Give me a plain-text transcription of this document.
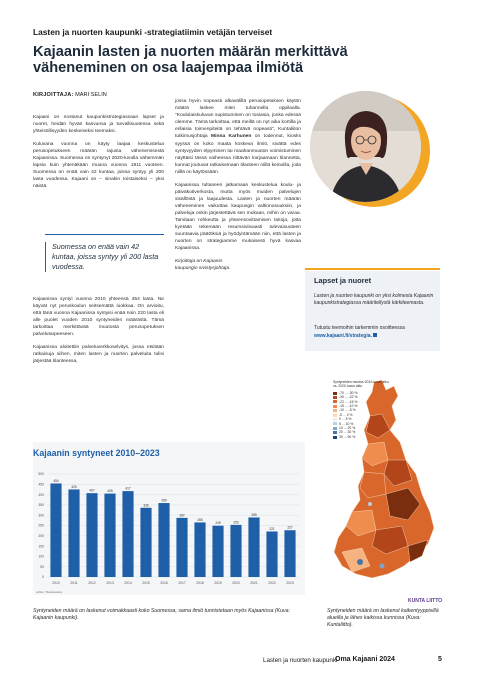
Lasten ja nuorten kaupunki -strategiatiimin vetäjän terveiset
Kajaanin lasten ja nuorten määrän merkittävä väheneminen on osa laajempaa ilmiötä
KIRJOITTAJA: MARI SELIN

Kajaani on nostanut kaupunkistrategiassaan lapset ja nuoret, heidän hyvän kasvunsa ja turvallisuutensa sekä yhteisöllisyyden keskeiseksi teemaksi.

Kuluvana vuonna on käyty laajaa keskustelua perusopetukseen määrän rajusta vähenemisestä Kajaanissa. Suomessa on syntynyt 2020-luvulla vähemmän lapsia kuin yhtenäkään muuna vuonna 1911 vuoteen. Suomessa on enää vain 42 kuntaa, joissa syntyy yli 200 lasta vuodessa. Kajaani on – sinakin toistaiseksi – yksi näistä.

Suomessa on enää vain 42 kuntaa, joissa syntyy yli 200 lasta vuodessa.

Kajaanissa syntyi vuonna 2010 yhteensä 454 lasta. Ne käyvät nyt peruskoulun seitsemättä luokkaa. On arvioitu, että tänä vuonna Kajaanissa syntyisi enää noin 220 lasta eli alle puolet vuoden 2010 syntyneiden määrästä. Tämä tarkoittaa merkittävää muutosta perusopetuksen palvelutarpeeseen.

Kajaanissa aloitettiin palveluverkkoselvitys, jossa etsitään ratkaisuja siihen, miten lasten ja nuorten palveluita tulisi järjestää tilanteessa,

jossa hyvin nopeasti alkavälillä perusopetuksen käytön määrä laskee mitei tuhannella oppilaalla. "Koululaiskuluvan supistuminen on tosiasia, jonka edessä olemme. Tämä tarkoittaa, että meillä on nyt aika kortilla ja erilaisia toimenpiteitä on tehtävä nopeasti", Kuntaliiton tutkimusjohtaja Minna Karhunen on todennut, kiosks syyssä on koko maata koskeva ilmiö, sivättä edes syntyvyyden elpyminen tai maahanmuuton voimistuminen näyttäisi tässä vaiheessa riittävän korjaamaan tilannetta, kunnat joutuvat ratkaisemaan tilanteen niillä keinoilla, joita niillä on käytössään.

Kajaanissa tultaneen jatkamaan keskustelua koulu- ja päiväkotiverkosta, mutta myös muiden palvelujen sisällöstä ja laajuudesta. Lasten ja nuorten määrän väheneminen vaikuttaa kaupungin valtionosuuksiin, ja palveluja onkin järjestettävä sen mukaan, mihin on varaa. Tarvitaan rohkeutta ja yhteensovittamisen taitoja, jotta kyetään tekemään resurssiviisaasti tulevaisuuteen suuntaavia päätöksiä ja hyödyntämään niin, että lasten ja nuorten on strategiamme mukaisesti hyvä kasvaa Kajaanissa.

Kirjoittaja on Kajaanin
kaupungin sivistysjohtaja.

Lapset ja nuoret
Lasten ja nuorten kaupunki on yksi kolmesta Kajaanin kaupunkistrategiassa määritellystä kärkiteemasta.
Tutustu teemoihin tarkemmin osoitteessa
www.kajaani.fi/strategia.
Kajaanin syntyneet 2010–2023
0
50
100
150
200
250
300
350
400
450
500
454
2010
425
2011
407
2012
405
2013
417
2014
336
2015
359
2016
287
2017
265
2018
249
2019
253
2020
289
2021
221
2022
227
2023
Lähde: Tilastokeskus
Syntyneiden muutos 2010-luvun alku vs. 2020-luvun alku
-70 ... -30 %
-30 ... -22 %
-22 ... -15 %
-15 ... -10 %
-10 ... -5 %
-5 ... 0 %
0 ... 5 %
5 ... 10 %
10 ... 20 %
20 ... 30 %
30 ... 90 %
KUNTA LIITTO
Syntyneiden määrä on laskenut voimakkaasti koko Suomessa, sama ilmiö tunnistetaan myös Kajaanissa (Kuva: Kajaanin kaupunki).
Syntyneiden määrä on laskenut kaikentyyppisillä alueilla ja lähes kaikissa kunnissa (Kuva: Kuntaliitto).
Lasten ja nuorten kaupunki
Oma Kajaani 2024	5
